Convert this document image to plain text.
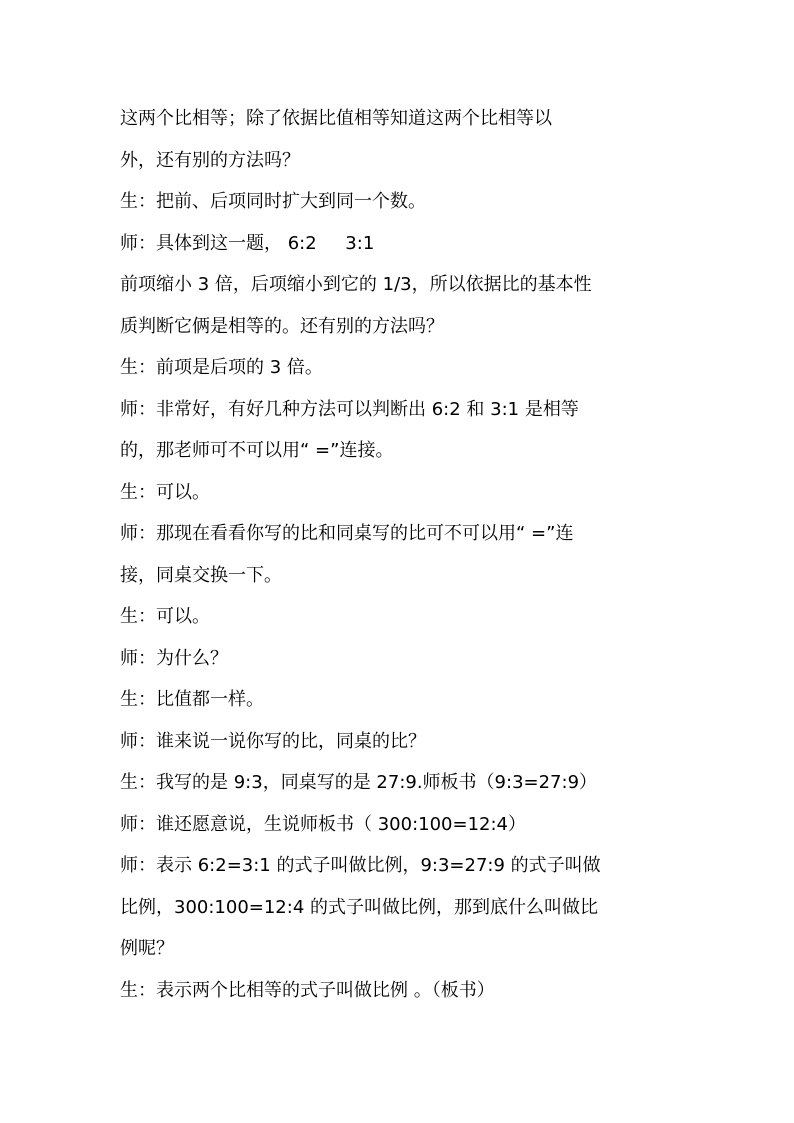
这两个比相等；除了依据比值相等知道这两个比相等以
外，还有别的方法吗？
生：把前、后项同时扩大到同一个数。
师：具体到这一题， 6:2     3:1
前项缩小 3 倍，后项缩小到它的 1/3，所以依据比的基本性
质判断它俩是相等的。还有别的方法吗？
生：前项是后项的 3 倍。
师：非常好，有好几种方法可以判断出 6:2 和 3:1 是相等
的，那老师可不可以用“ =”连接。
生：可以。
师：那现在看看你写的比和同桌写的比可不可以用“ =”连
接，同桌交换一下。
生：可以。
师：为什么？
生：比值都一样。
师：谁来说一说你写的比，同桌的比？
生：我写的是 9:3，同桌写的是 27:9.师板书（9:3=27:9）
师：谁还愿意说，生说师板书（ 300:100=12:4）
师：表示 6:2=3:1 的式子叫做比例，9:3=27:9 的式子叫做
比例，300:100=12:4 的式子叫做比例，那到底什么叫做比
例呢？
生：表示两个比相等的式子叫做比例 。（板书）
